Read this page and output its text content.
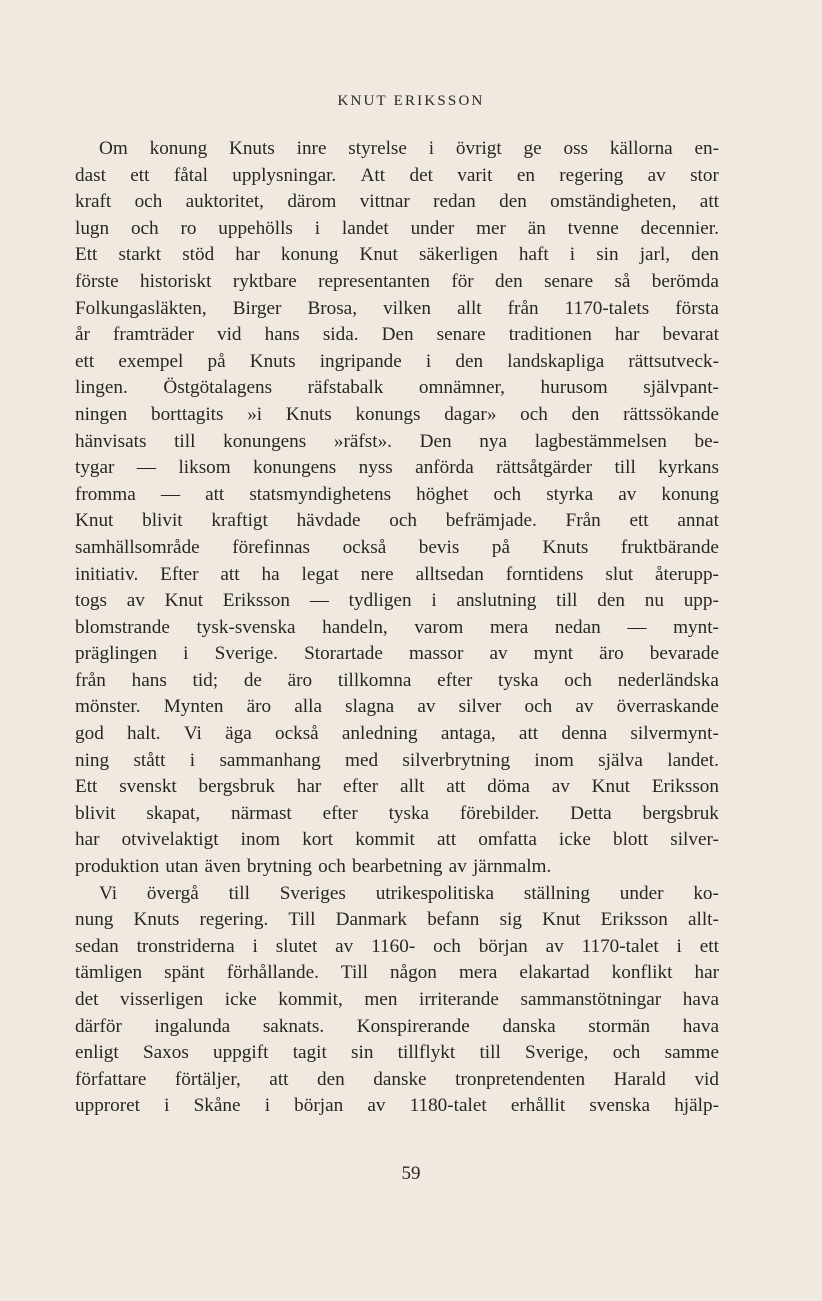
KNUT ERIKSSON
Om konung Knuts inre styrelse i övrigt ge oss källorna en-
dast ett fåtal upplysningar. Att det varit en regering av stor
kraft och auktoritet, därom vittnar redan den omständigheten, att
lugn och ro uppehölls i landet under mer än tvenne decennier.
Ett starkt stöd har konung Knut säkerligen haft i sin jarl, den
förste historiskt ryktbare representanten för den senare så berömda
Folkungasläkten, Birger Brosa, vilken allt från 1170-talets första
år framträder vid hans sida. Den senare traditionen har bevarat
ett exempel på Knuts ingripande i den landskapliga rättsutveck-
lingen. Östgötalagens räfstabalk omnämner, hurusom självpant-
ningen borttagits »i Knuts konungs dagar» och den rättssökande
hänvisats till konungens »räfst». Den nya lagbestämmelsen be-
tygar — liksom konungens nyss anförda rättsåtgärder till kyrkans
fromma — att statsmyndighetens höghet och styrka av konung
Knut blivit kraftigt hävdade och befrämjade. Från ett annat
samhällsområde förefinnas också bevis på Knuts fruktbärande
initiativ. Efter att ha legat nere alltsedan forntidens slut återupp-
togs av Knut Eriksson — tydligen i anslutning till den nu upp-
blomstrande tysk-svenska handeln, varom mera nedan — mynt-
präglingen i Sverige. Storartade massor av mynt äro bevarade
från hans tid; de äro tillkomna efter tyska och nederländska
mönster. Mynten äro alla slagna av silver och av överraskande
god halt. Vi äga också anledning antaga, att denna silvermynt-
ning stått i sammanhang med silverbrytning inom själva landet.
Ett svenskt bergsbruk har efter allt att döma av Knut Eriksson
blivit skapat, närmast efter tyska förebilder. Detta bergsbruk
har otvivelaktigt inom kort kommit att omfatta icke blott silver-
produktion utan även brytning och bearbetning av järnmalm.
Vi övergå till Sveriges utrikespolitiska ställning under ko-
nung Knuts regering. Till Danmark befann sig Knut Eriksson allt-
sedan tronstriderna i slutet av 1160- och början av 1170-talet i ett
tämligen spänt förhållande. Till någon mera elakartad konflikt har
det visserligen icke kommit, men irriterande sammanstötningar hava
därför ingalunda saknats. Konspirerande danska stormän hava
enligt Saxos uppgift tagit sin tillflykt till Sverige, och samme
författare förtäljer, att den danske tronpretendenten Harald vid
upproret i Skåne i början av 1180-talet erhållit svenska hjälp-
59
